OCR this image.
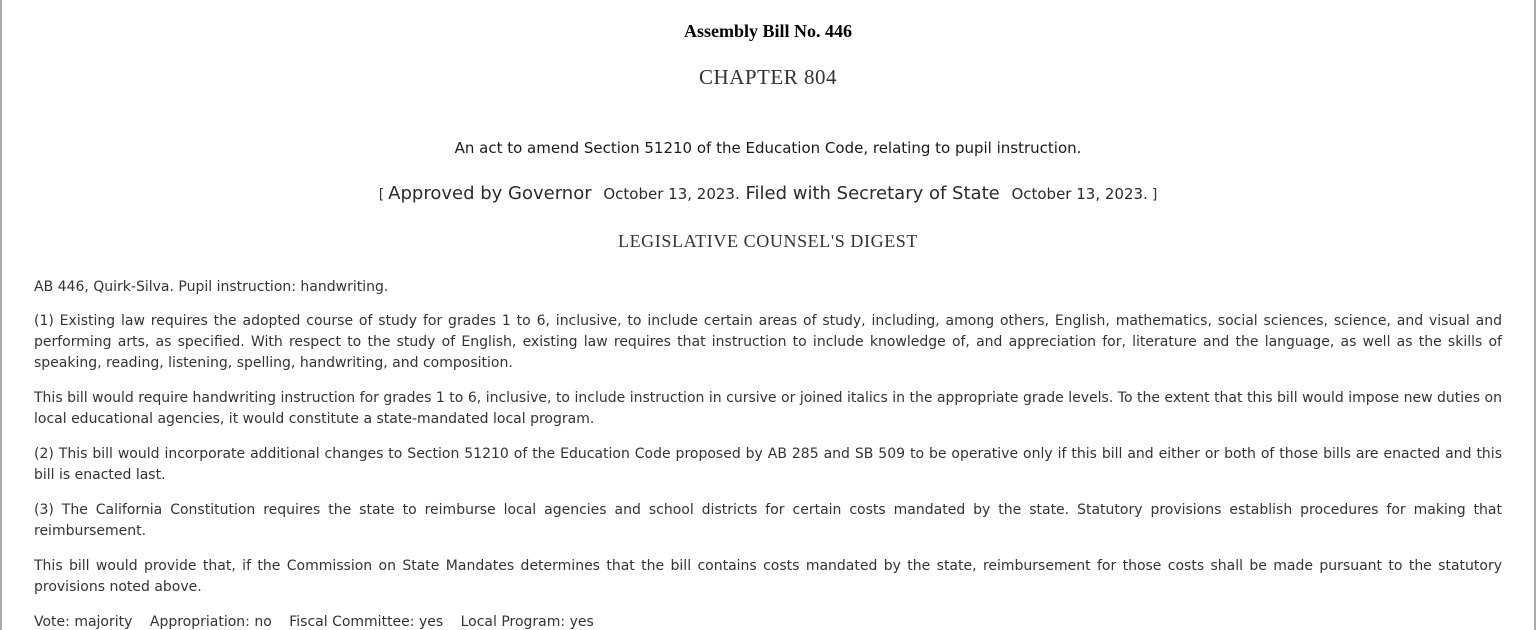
Assembly Bill No. 446
CHAPTER 804

An act to amend Section 51210 of the Education Code, relating to pupil instruction.

[ Approved by Governor October 13, 2023. Filed with Secretary of State October 13, 2023. ]

LEGISLATIVE COUNSEL'S DIGEST

AB 446, Quirk-Silva. Pupil instruction: handwriting.

(1) Existing law requires the adopted course of study for grades 1 to 6, inclusive, to include certain areas of study, including, among others, English, mathematics, social sciences, science, and visual and performing arts, as specified. With respect to the study of English, existing law requires that instruction to include knowledge of, and appreciation for, literature and the language, as well as the skills of speaking, reading, listening, spelling, handwriting, and composition.

This bill would require handwriting instruction for grades 1 to 6, inclusive, to include instruction in cursive or joined italics in the appropriate grade levels. To the extent that this bill would impose new duties on local educational agencies, it would constitute a state-mandated local program.

(2) This bill would incorporate additional changes to Section 51210 of the Education Code proposed by AB 285 and SB 509 to be operative only if this bill and either or both of those bills are enacted and this bill is enacted last.

(3) The California Constitution requires the state to reimburse local agencies and school districts for certain costs mandated by the state. Statutory provisions establish procedures for making that reimbursement.

This bill would provide that, if the Commission on State Mandates determines that the bill contains costs mandated by the state, reimbursement for those costs shall be made pursuant to the statutory provisions noted above.

Vote: majority Appropriation: no Fiscal Committee: yes Local Program: yes
